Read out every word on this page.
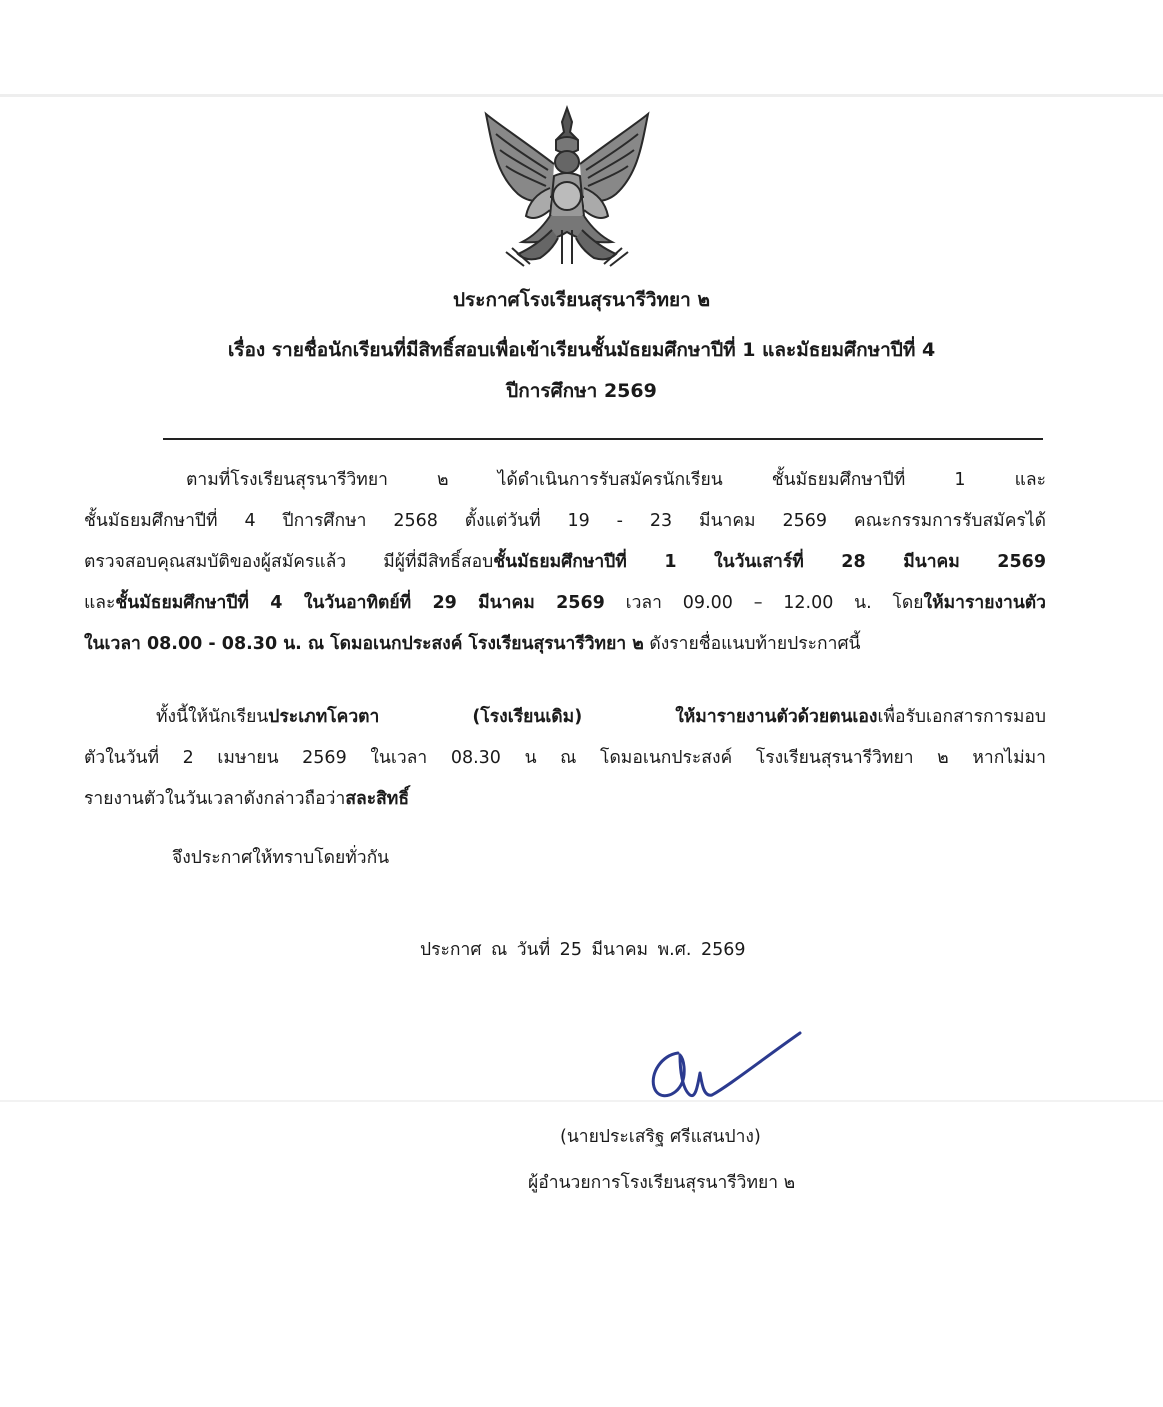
ประกาศโรงเรียนสุรนารีวิทยา ๒
เรื่อง รายชื่อนักเรียนที่มีสิทธิ์สอบเพื่อเข้าเรียนชั้นมัธยมศึกษาปีที่ 1 และมัธยมศึกษาปีที่ 4
ปีการศึกษา 2569
ตามที่โรงเรียนสุรนารีวิทยา ๒ ได้ดำเนินการรับสมัครนักเรียน ชั้นมัธยมศึกษาปีที่ 1 และ
ชั้นมัธยมศึกษาปีที่ 4 ปีการศึกษา 2568 ตั้งแต่วันที่ 19 - 23 มีนาคม 2569 คณะกรรมการรับสมัครได้
ตรวจสอบคุณสมบัติของผู้สมัครแล้ว มีผู้ที่มีสิทธิ์สอบชั้นมัธยมศึกษาปีที่ 1 ในวันเสาร์ที่ 28 มีนาคม 2569
และชั้นมัธยมศึกษาปีที่ 4 ในวันอาทิตย์ที่ 29 มีนาคม 2569 เวลา 09.00 – 12.00 น. โดยให้มารายงานตัว
ในเวลา 08.00 - 08.30 น. ณ โดมอเนกประสงค์ โรงเรียนสุรนารีวิทยา ๒ ดังรายชื่อแนบท้ายประกาศนี้
ทั้งนี้ให้นักเรียนประเภทโควตา (โรงเรียนเดิม) ให้มารายงานตัวด้วยตนเองเพื่อรับเอกสารการมอบ
ตัวในวันที่ 2 เมษายน 2569 ในเวลา 08.30 น ณ โดมอเนกประสงค์ โรงเรียนสุรนารีวิทยา ๒ หากไม่มา
รายงานตัวในวันเวลาดังกล่าวถือว่าสละสิทธิ์
จึงประกาศให้ทราบโดยทั่วกัน
ประกาศ ณ วันที่ 25 มีนาคม พ.ศ. 2569
(นายประเสริฐ ศรีแสนปาง)
ผู้อำนวยการโรงเรียนสุรนารีวิทยา ๒
